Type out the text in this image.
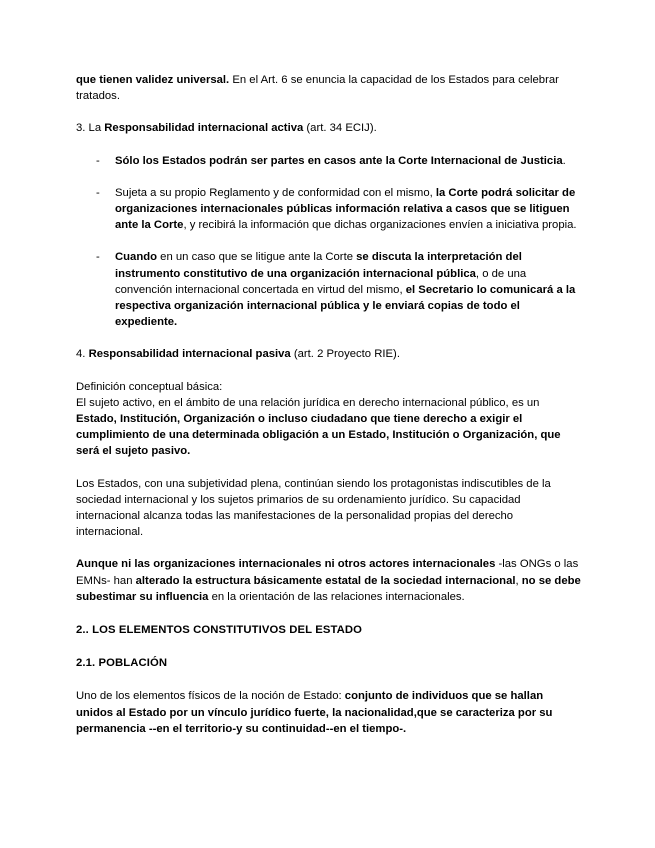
que tienen validez universal. En el Art. 6 se enuncia la capacidad de los Estados para celebrar tratados.

3. La Responsabilidad internacional activa (art. 34 ECIJ).

- Sólo los Estados podrán ser partes en casos ante la Corte Internacional de Justicia.

- Sujeta a su propio Reglamento y de conformidad con el mismo, la Corte podrá solicitar de organizaciones internacionales públicas información relativa a casos que se litiguen ante la Corte, y recibirá la información que dichas organizaciones envíen a iniciativa propia.

- Cuando en un caso que se litigue ante la Corte se discuta la interpretación del instrumento constitutivo de una organización internacional pública, o de una convención internacional concertada en virtud del mismo, el Secretario lo comunicará a la respectiva organización internacional pública y le enviará copias de todo el expediente.

4. Responsabilidad internacional pasiva (art. 2 Proyecto RIE).

Definición conceptual básica:
El sujeto activo, en el ámbito de una relación jurídica en derecho internacional público, es un Estado, Institución, Organización o incluso ciudadano que tiene derecho a exigir el cumplimiento de una determinada obligación a un Estado, Institución o Organización, que será el sujeto pasivo.

Los Estados, con una subjetividad plena, continúan siendo los protagonistas indiscutibles de la sociedad internacional y los sujetos primarios de su ordenamiento jurídico. Su capacidad internacional alcanza todas las manifestaciones de la personalidad propias del derecho internacional.

Aunque ni las organizaciones internacionales ni otros actores internacionales -las ONGs o las EMNs- han alterado la estructura básicamente estatal de la sociedad internacional, no se debe subestimar su influencia en la orientación de las relaciones internacionales.

2.. LOS ELEMENTOS CONSTITUTIVOS DEL ESTADO

2.1. POBLACIÓN

Uno de los elementos físicos de la noción de Estado: conjunto de individuos que se hallan unidos al Estado por un vínculo jurídico fuerte, la nacionalidad,que se caracteriza por su permanencia --en el territorio-y su continuidad--en el tiempo-.
